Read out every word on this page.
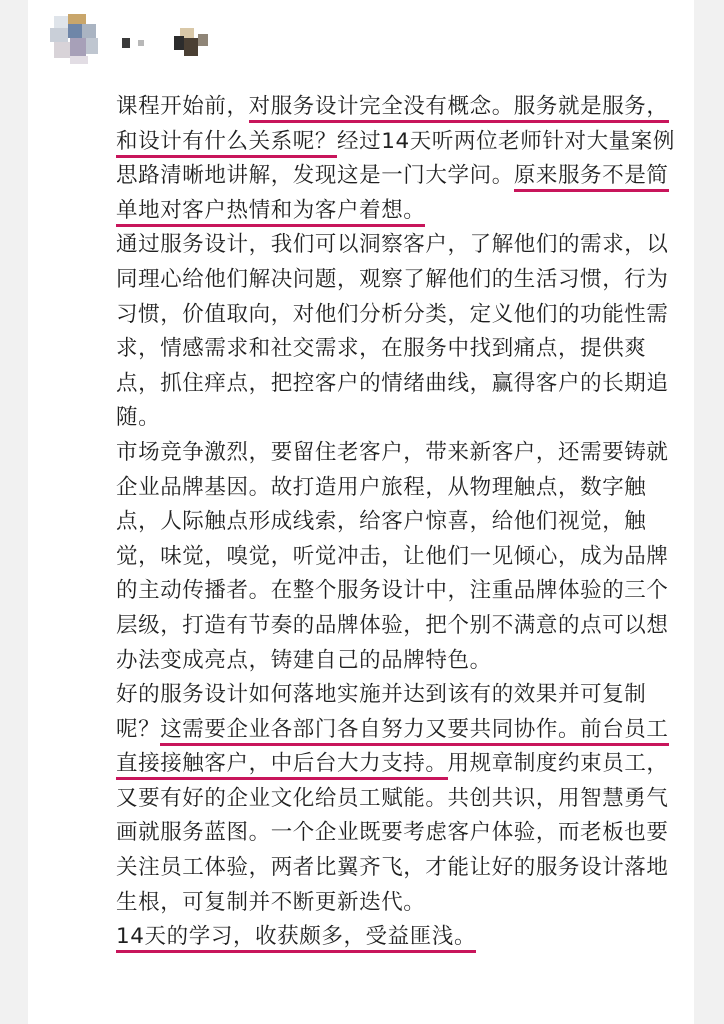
课程开始前，对服务设计完全没有概念。服务就是服务，和设计有什么关系呢？经过14天听两位老师针对大量案例思路清晰地讲解，发现这是一门大学问。原来服务不是简单地对客户热情和为客户着想。

通过服务设计，我们可以洞察客户，了解他们的需求，以同理心给他们解决问题，观察了解他们的生活习惯，行为习惯，价值取向，对他们分析分类，定义他们的功能性需求，情感需求和社交需求，在服务中找到痛点，提供爽点，抓住痒点，把控客户的情绪曲线，赢得客户的长期追随。

市场竞争激烈，要留住老客户，带来新客户，还需要铸就企业品牌基因。故打造用户旅程，从物理触点，数字触点，人际触点形成线索，给客户惊喜，给他们视觉，触觉，味觉，嗅觉，听觉冲击，让他们一见倾心，成为品牌的主动传播者。在整个服务设计中，注重品牌体验的三个层级，打造有节奏的品牌体验，把个别不满意的点可以想办法变成亮点，铸建自己的品牌特色。

好的服务设计如何落地实施并达到该有的效果并可复制呢？这需要企业各部门各自努力又要共同协作。前台员工直接接触客户，中后台大力支持。用规章制度约束员工，又要有好的企业文化给员工赋能。共创共识，用智慧勇气画就服务蓝图。一个企业既要考虑客户体验，而老板也要关注员工体验，两者比翼齐飞，才能让好的服务设计落地生根，可复制并不断更新迭代。

14天的学习，收获颇多，受益匪浅。
